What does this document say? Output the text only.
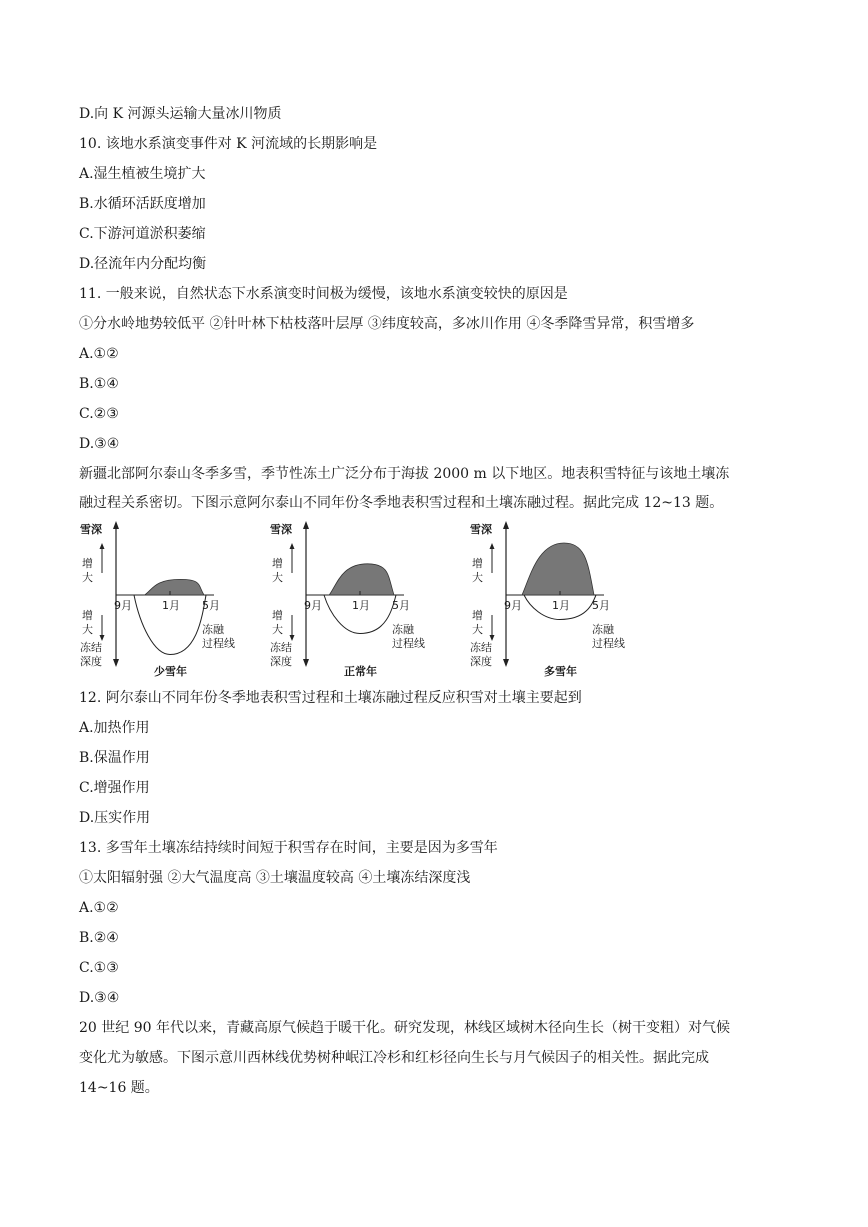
D.向 K 河源头运输大量冰川物质
10. 该地水系演变事件对 K 河流域的长期影响是
A.湿生植被生境扩大
B.水循环活跃度增加
C.下游河道淤积萎缩
D.径流年内分配均衡
11. 一般来说，自然状态下水系演变时间极为缓慢，该地水系演变较快的原因是
①分水岭地势较低平 ②针叶林下枯枝落叶层厚 ③纬度较高，多冰川作用 ④冬季降雪异常，积雪增多
A.①②
B.①④
C.②③
D.③④
新疆北部阿尔泰山冬季多雪，季节性冻土广泛分布于海拔 2000 m 以下地区。地表积雪特征与该地土壤冻
融过程关系密切。下图示意阿尔泰山不同年份冬季地表积雪过程和土壤冻融过程。据此完成 12~13 题。
雪深
增
大
增
大
冻结
深度
9月	1月 5月
冻融
过程线
少雪年
雪深
增
大
增
大
冻结
深度
9月	1月 5月
冻融
过程线
正常年
雪深
增
大
增
大
冻结
深度
9月	1月 5月
冻融
过程线
多雪年
12. 阿尔泰山不同年份冬季地表积雪过程和土壤冻融过程反应积雪对土壤主要起到
A.加热作用
B.保温作用
C.增强作用
D.压实作用
13. 多雪年土壤冻结持续时间短于积雪存在时间，主要是因为多雪年
①太阳辐射强 ②大气温度高 ③土壤温度较高 ④土壤冻结深度浅
A.①②
B.②④
C.①③
D.③④
20 世纪 90 年代以来，青藏高原气候趋于暖干化。研究发现，林线区域树木径向生长（树干变粗）对气候
变化尤为敏感。下图示意川西林线优势树种岷江冷杉和红杉径向生长与月气候因子的相关性。据此完成
14~16 题。
